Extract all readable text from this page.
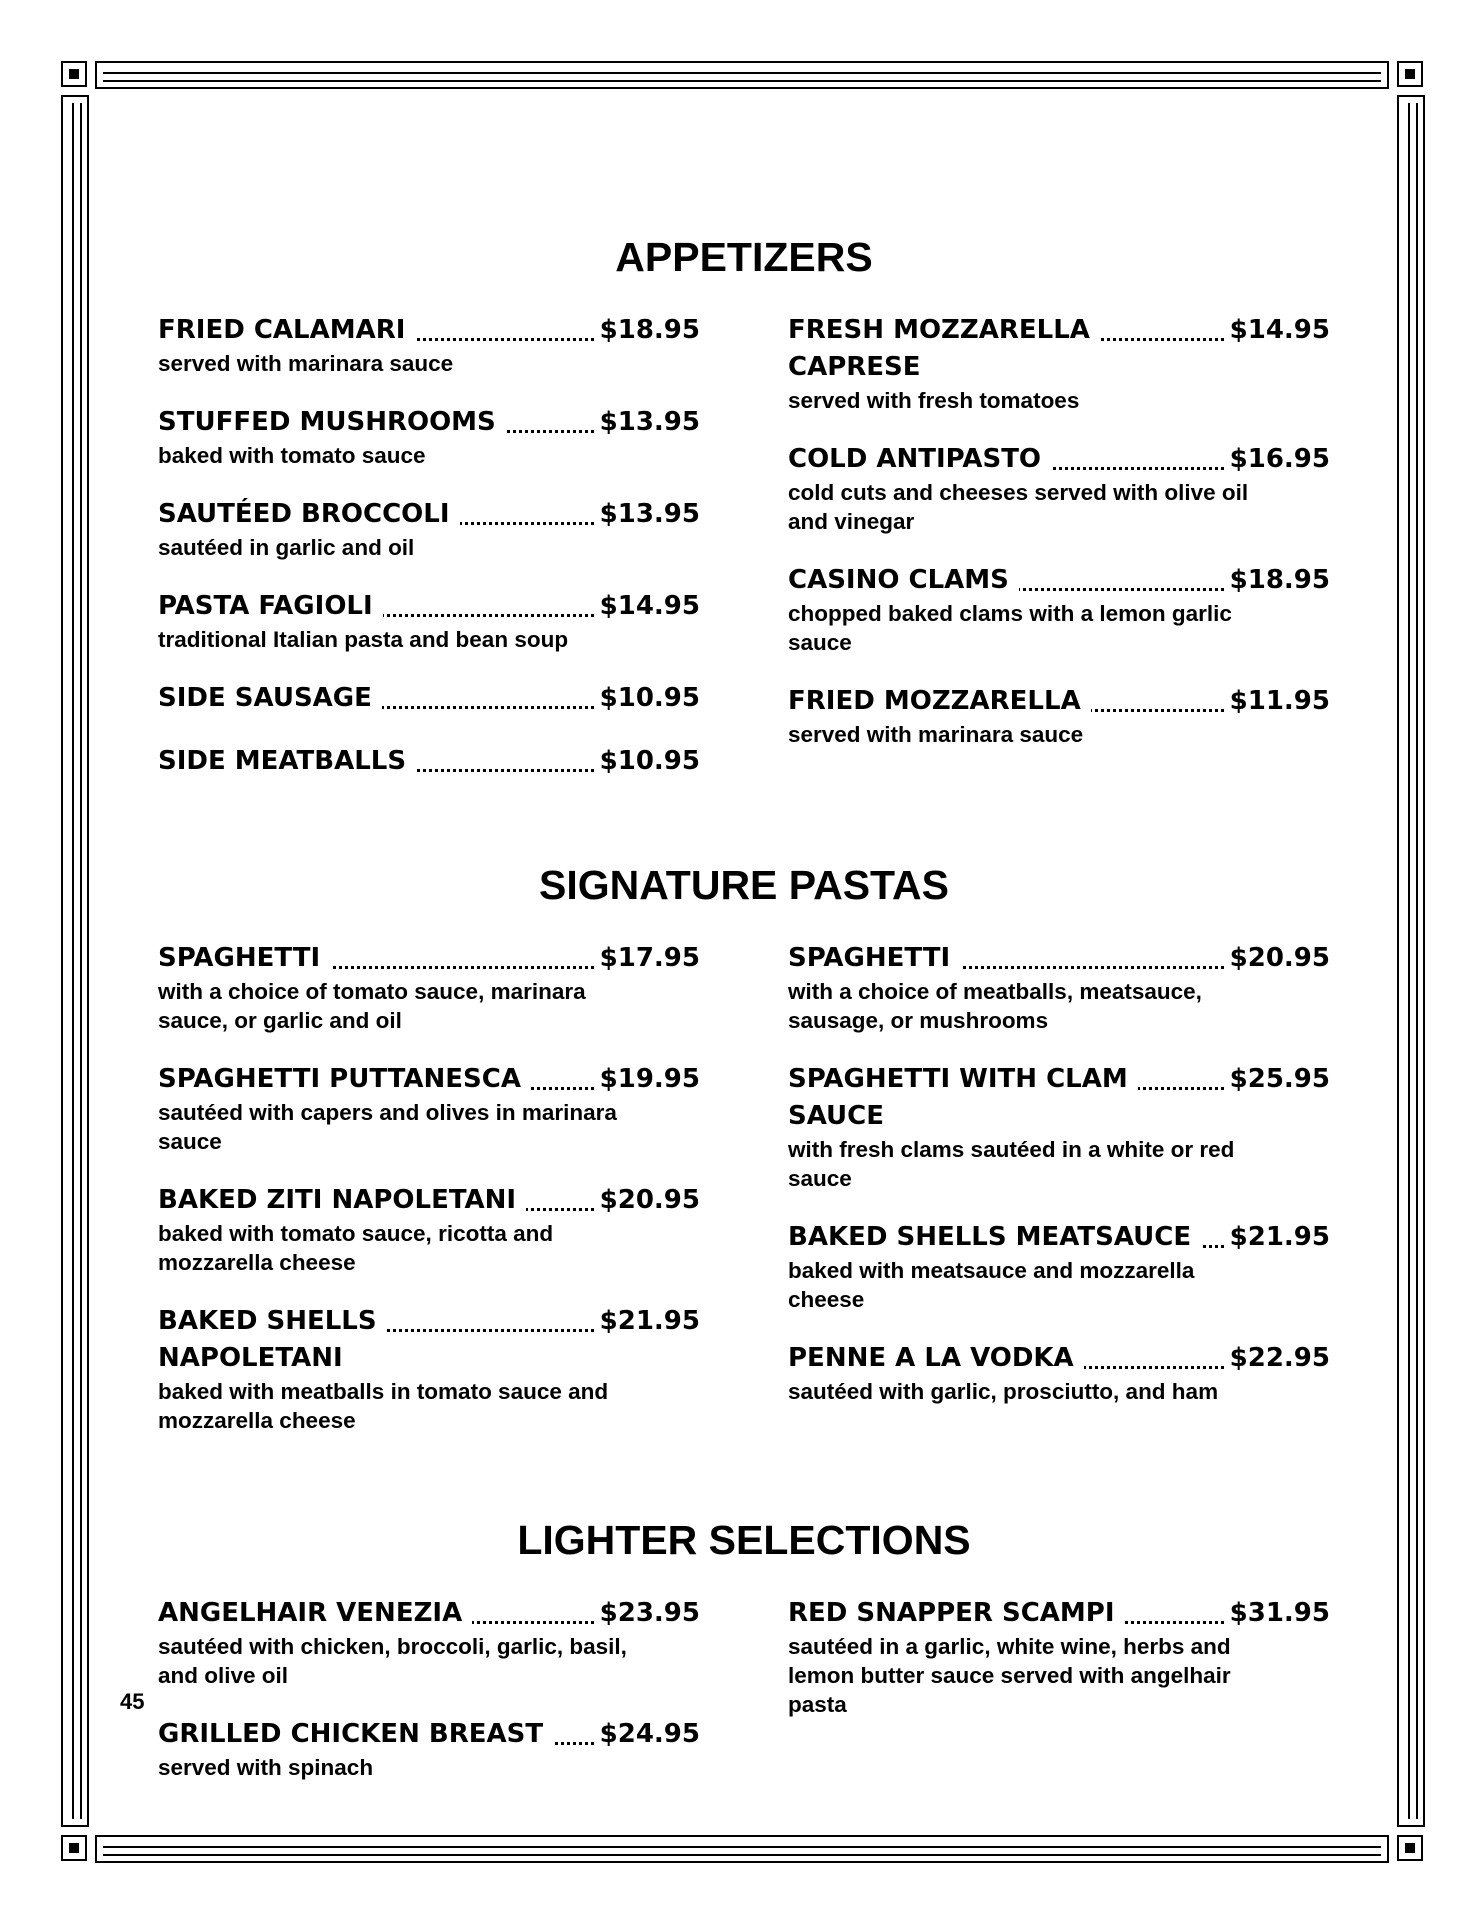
APPETIZERS
$18.95
FRIED CALAMARI
served with marinara sauce
$13.95
STUFFED MUSHROOMS
baked with tomato sauce
$13.95
SAUTÉED BROCCOLI
sautéed in garlic and oil
$14.95
PASTA FAGIOLI
traditional Italian pasta and bean soup
$10.95
SIDE SAUSAGE
$10.95
SIDE MEATBALLS
$14.95
FRESH MOZZARELLA
CAPRESE
served with fresh tomatoes
$16.95
COLD ANTIPASTO
cold cuts and cheeses served with olive oil and vinegar
$18.95
CASINO CLAMS
chopped baked clams with a lemon garlic sauce
$11.95
FRIED MOZZARELLA
served with marinara sauce
SIGNATURE PASTAS
$17.95
SPAGHETTI
with a choice of tomato sauce, marinara sauce, or garlic and oil
$19.95
SPAGHETTI PUTTANESCA
sautéed with capers and olives in marinara sauce
$20.95
BAKED ZITI NAPOLETANI
baked with tomato sauce, ricotta and mozzarella cheese
$21.95
BAKED SHELLS
NAPOLETANI
baked with meatballs in tomato sauce and mozzarella cheese
$20.95
SPAGHETTI
with a choice of meatballs, meatsauce, sausage, or mushrooms
$25.95
SPAGHETTI WITH CLAM
SAUCE
with fresh clams sautéed in a white or red sauce
$21.95
BAKED SHELLS MEATSAUCE
baked with meatsauce and mozzarella cheese
$22.95
PENNE A LA VODKA
sautéed with garlic, prosciutto, and ham
LIGHTER SELECTIONS
$23.95
ANGELHAIR VENEZIA
sautéed with chicken, broccoli, garlic, basil, and olive oil
$24.95
GRILLED CHICKEN BREAST
served with spinach
$31.95
RED SNAPPER SCAMPI
sautéed in a garlic, white wine, herbs and lemon butter sauce served with angelhair pasta
45
